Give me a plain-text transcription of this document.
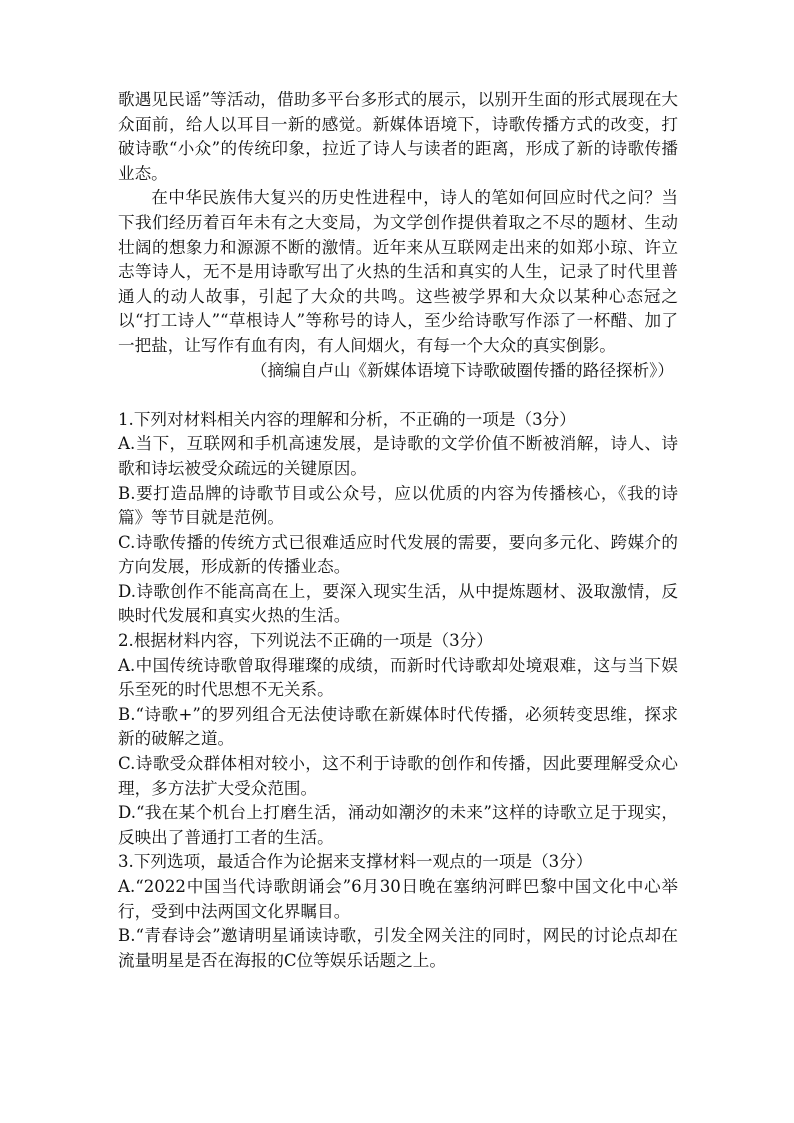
歌遇见民谣”等活动，借助多平台多形式的展示，以别开生面的形式展现在大众面前，给人以耳目一新的感觉。新媒体语境下，诗歌传播方式的改变，打破诗歌“小众”的传统印象，拉近了诗人与读者的距离，形成了新的诗歌传播业态。

在中华民族伟大复兴的历史性进程中，诗人的笔如何回应时代之问？当下我们经历着百年未有之大变局，为文学创作提供着取之不尽的题材、生动壮阔的想象力和源源不断的激情。近年来从互联网走出来的如郑小琼、许立志等诗人，无不是用诗歌写出了火热的生活和真实的人生，记录了时代里普通人的动人故事，引起了大众的共鸣。这些被学界和大众以某种心态冠之以“打工诗人”“草根诗人”等称号的诗人，至少给诗歌写作添了一杯醋、加了一把盐，让写作有血有肉，有人间烟火，有每一个大众的真实倒影。

（摘编自卢山《新媒体语境下诗歌破圈传播的路径探析》）

1.下列对材料相关内容的理解和分析，不正确的一项是（3分）

A.当下，互联网和手机高速发展，是诗歌的文学价值不断被消解，诗人、诗歌和诗坛被受众疏远的关键原因。

B.要打造品牌的诗歌节目或公众号，应以优质的内容为传播核心，《我的诗篇》等节目就是范例。

C.诗歌传播的传统方式已很难适应时代发展的需要，要向多元化、跨媒介的方向发展，形成新的传播业态。

D.诗歌创作不能高高在上，要深入现实生活，从中提炼题材、汲取激情，反映时代发展和真实火热的生活。

2.根据材料内容，下列说法不正确的一项是（3分）

A.中国传统诗歌曾取得璀璨的成绩，而新时代诗歌却处境艰难，这与当下娱乐至死的时代思想不无关系。

B.“诗歌+”的罗列组合无法使诗歌在新媒体时代传播，必须转变思维，探求新的破解之道。

C.诗歌受众群体相对较小，这不利于诗歌的创作和传播，因此要理解受众心理，多方法扩大受众范围。

D.“我在某个机台上打磨生活，涌动如潮汐的未来”这样的诗歌立足于现实，反映出了普通打工者的生活。

3.下列选项，最适合作为论据来支撑材料一观点的一项是（3分）

A.“2022中国当代诗歌朗诵会”6月30日晚在塞纳河畔巴黎中国文化中心举行，受到中法两国文化界瞩目。

B.“青春诗会”邀请明星诵读诗歌，引发全网关注的同时，网民的讨论点却在流量明星是否在海报的C位等娱乐话题之上。
